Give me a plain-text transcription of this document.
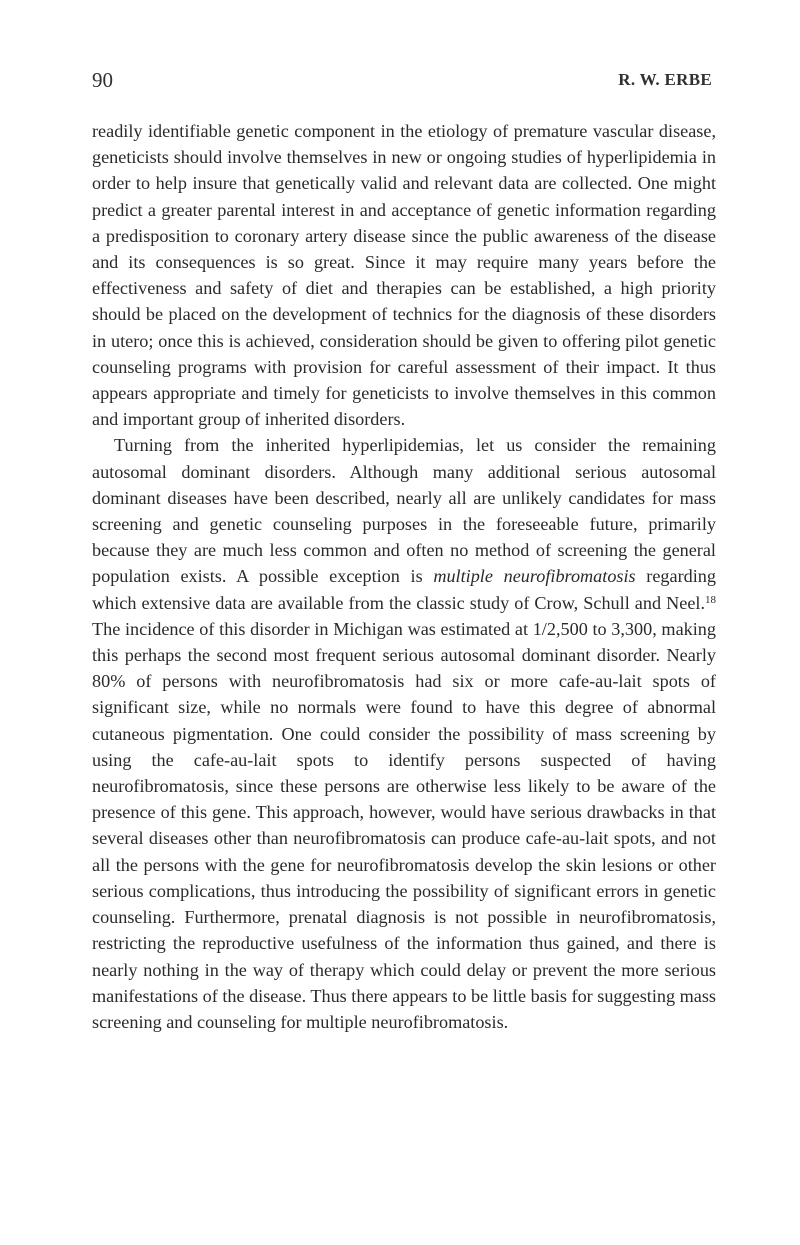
90	R. W. ERBE

readily identifiable genetic component in the etiology of premature vascular disease, geneticists should involve themselves in new or ongoing studies of hyperlipidemia in order to help insure that genetically valid and relevant data are collected. One might predict a greater parental interest in and acceptance of genetic information regarding a predisposition to coronary artery disease since the public awareness of the disease and its consequences is so great. Since it may require many years before the effectiveness and safety of diet and therapies can be established, a high priority should be placed on the development of technics for the diagnosis of these disorders in utero; once this is achieved, consideration should be given to offering pilot genetic counseling programs with provision for careful assessment of their impact. It thus appears appropriate and timely for geneticists to involve themselves in this common and important group of inherited disorders.

Turning from the inherited hyperlipidemias, let us consider the remaining autosomal dominant disorders. Although many additional serious autosomal dominant diseases have been described, nearly all are unlikely candidates for mass screening and genetic counseling purposes in the foreseeable future, primarily because they are much less common and often no method of screening the general population exists. A possible exception is multiple neurofibromatosis regarding which extensive data are available from the classic study of Crow, Schull and Neel.$^{18}$ The incidence of this disorder in Michigan was estimated at 1/2,500 to 3,300, making this perhaps the second most frequent serious autosomal dominant disorder. Nearly 80% of persons with neurofibromatosis had six or more cafe-au-lait spots of significant size, while no normals were found to have this degree of abnormal cutaneous pigmentation. One could consider the possibility of mass screening by using the cafe-au-lait spots to identify persons suspected of having neurofibromatosis, since these persons are otherwise less likely to be aware of the presence of this gene. This approach, however, would have serious drawbacks in that several diseases other than neurofibromatosis can produce cafe-au-lait spots, and not all the persons with the gene for neurofibromatosis develop the skin lesions or other serious complications, thus introducing the possibility of significant errors in genetic counseling. Furthermore, prenatal diagnosis is not possible in neurofibromatosis, restricting the reproductive usefulness of the information thus gained, and there is nearly nothing in the way of therapy which could delay or prevent the more serious manifestations of the disease. Thus there appears to be little basis for suggesting mass screening and counseling for multiple neurofibromatosis.
